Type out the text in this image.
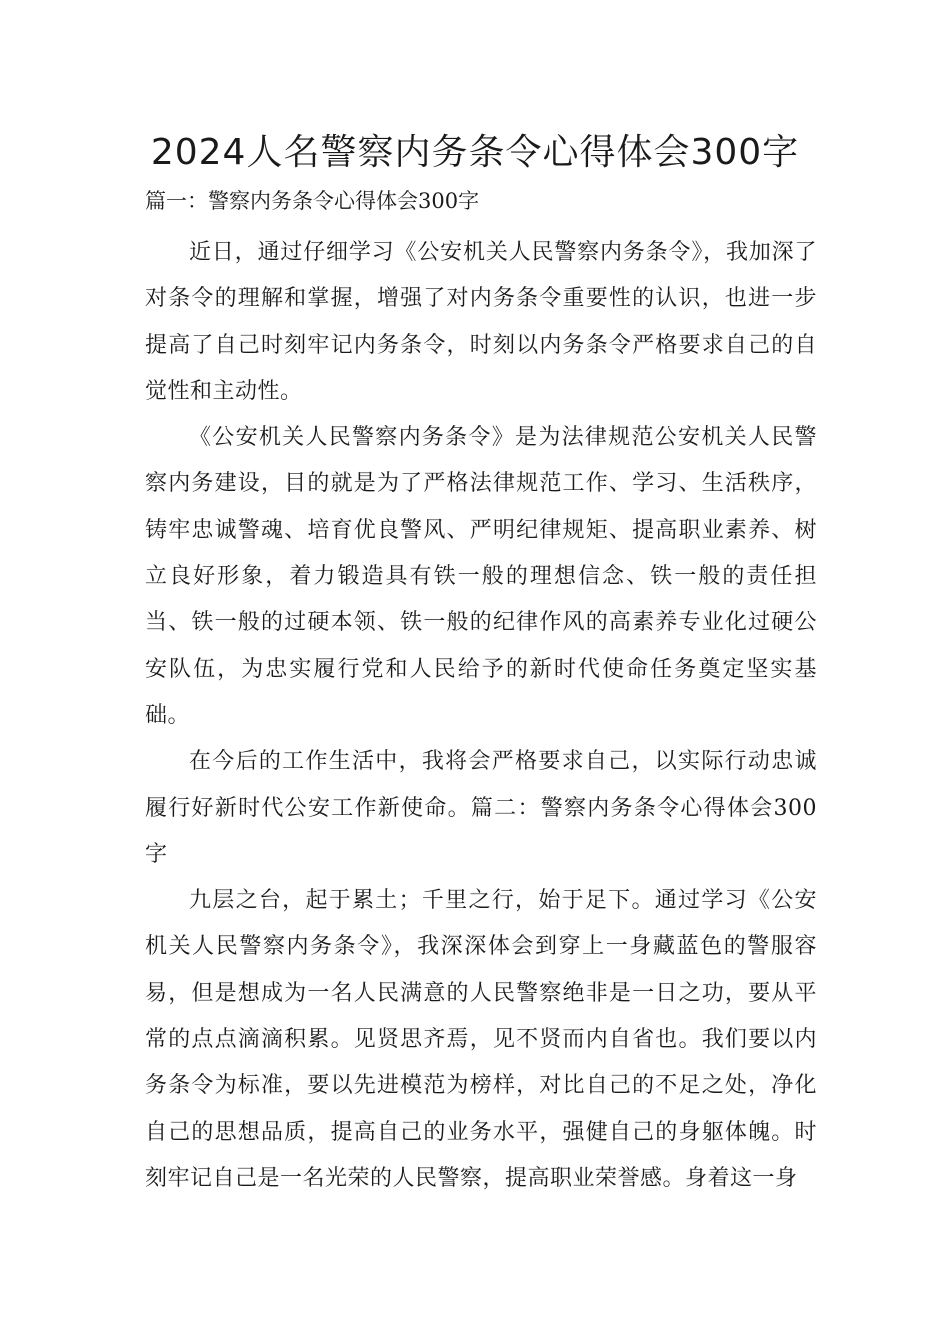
2024人名警察内务条令心得体会300字

篇一：警察内务条令心得体会300字

近日，通过仔细学习《公安机关人民警察内务条令》，我加深了对条令的理解和掌握，增强了对内务条令重要性的认识，也进一步提高了自己时刻牢记内务条令，时刻以内务条令严格要求自己的自觉性和主动性。

《公安机关人民警察内务条令》是为法律规范公安机关人民警察内务建设，目的就是为了严格法律规范工作、学习、生活秩序，铸牢忠诚警魂、培育优良警风、严明纪律规矩、提高职业素养、树立良好形象，着力锻造具有铁一般的理想信念、铁一般的责任担当、铁一般的过硬本领、铁一般的纪律作风的高素养专业化过硬公安队伍，为忠实履行党和人民给予的新时代使命任务奠定坚实基础。

在今后的工作生活中，我将会严格要求自己，以实际行动忠诚履行好新时代公安工作新使命。篇二：警察内务条令心得体会300字

九层之台，起于累土；千里之行，始于足下。通过学习《公安机关人民警察内务条令》，我深深体会到穿上一身藏蓝色的警服容易，但是想成为一名人民满意的人民警察绝非是一日之功，要从平常的点点滴滴积累。见贤思齐焉，见不贤而内自省也。我们要以内务条令为标准，要以先进模范为榜样，对比自己的不足之处，净化自己的思想品质，提高自己的业务水平，强健自己的身躯体魄。时刻牢记自己是一名光荣的人民警察，提高职业荣誉感。身着这一身
